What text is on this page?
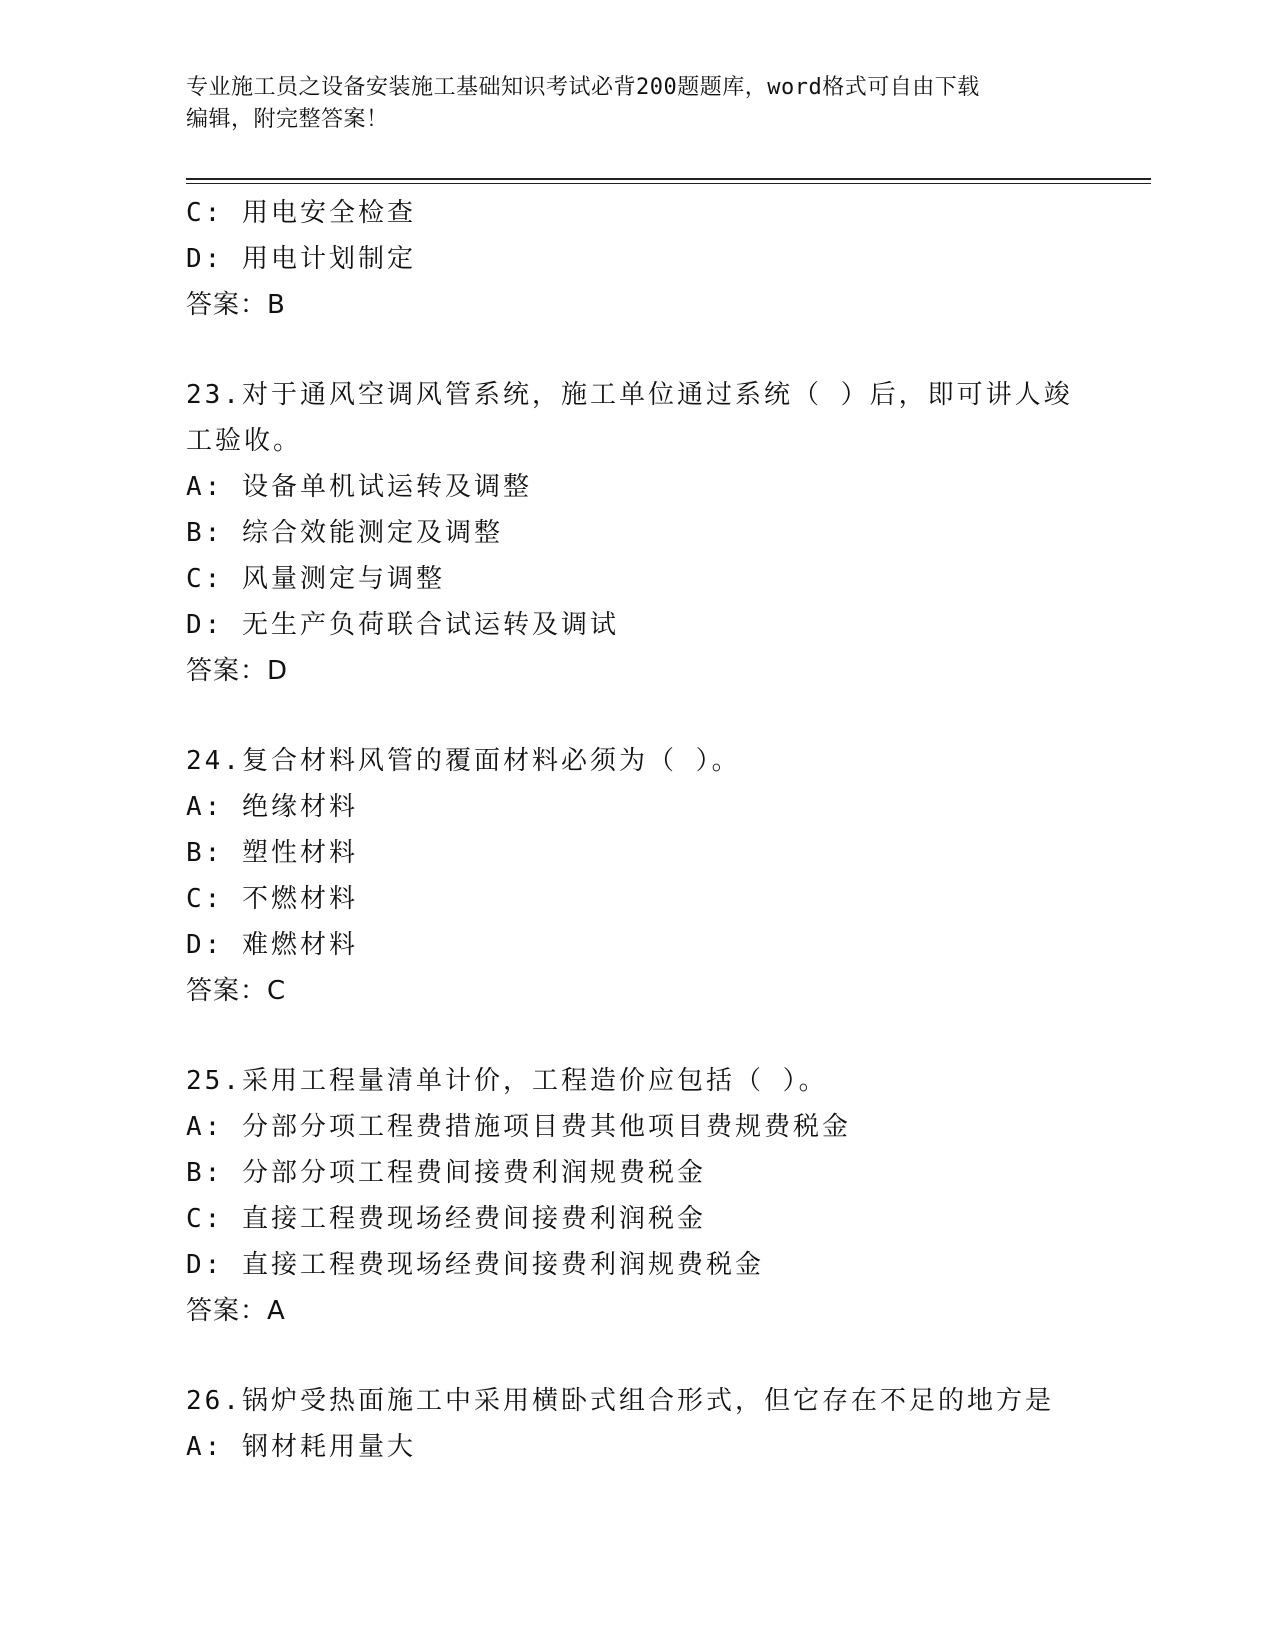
专业施工员之设备安装施工基础知识考试必背200题题库，word格式可自由下载
编辑，附完整答案！
C: 用电安全检查
D: 用电计划制定
答案：B
23.对于通风空调风管系统，施工单位通过系统（ ）后，即可讲人竣
工验收。
A: 设备单机试运转及调整
B: 综合效能测定及调整
C: 风量测定与调整
D: 无生产负荷联合试运转及调试
答案：D
24.复合材料风管的覆面材料必须为（ ）。
A: 绝缘材料
B: 塑性材料
C: 不燃材料
D: 难燃材料
答案：C
25.采用工程量清单计价，工程造价应包括（ ）。
A: 分部分项工程费措施项目费其他项目费规费税金
B: 分部分项工程费间接费利润规费税金
C: 直接工程费现场经费间接费利润税金
D: 直接工程费现场经费间接费利润规费税金
答案：A
26.锅炉受热面施工中采用横卧式组合形式，但它存在不足的地方是
A: 钢材耗用量大
